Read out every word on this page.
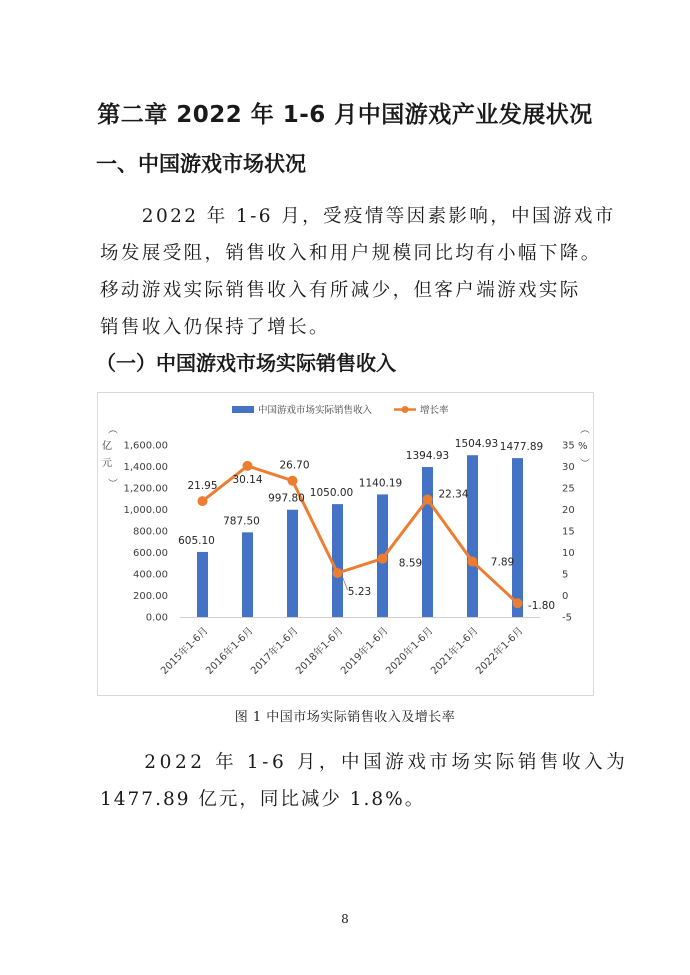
第二章 2022 年 1-6 月中国游戏产业发展状况
一、中国游戏市场状况

　　2022 年 1-6 月，受疫情等因素影响，中国游戏市
场发展受阻，销售收入和用户规模同比均有小幅下降。
移动游戏实际销售收入有所减少，但客户端游戏实际
销售收入仍保持了增长。

（一）中国游戏市场实际销售收入
中国游戏市场实际销售收入	增长率
︵
亿
元
︶
︵
%
︶
0.00
200.00
400.00
600.00
800.00
1,000.00
1,200.00
1,400.00
1,600.00
-5
0
5
10
15
20
25
30
35
605.10
787.50
997.80 1050.00
1140.19
1394.93
1504.93 1477.89
21.95
30.14
26.70
5.23
8.59
22.34
7.89
-1.80
2015年1-6月
2016年1-6月
2017年1-6月
2018年1-6月
2019年1-6月
2020年1-6月
2021年1-6月
2022年1-6月
图 1 中国市场实际销售收入及增长率

　　2022 年 1-6 月，中国游戏市场实际销售收入为
1477.89 亿元，同比减少 1.8%。

8
